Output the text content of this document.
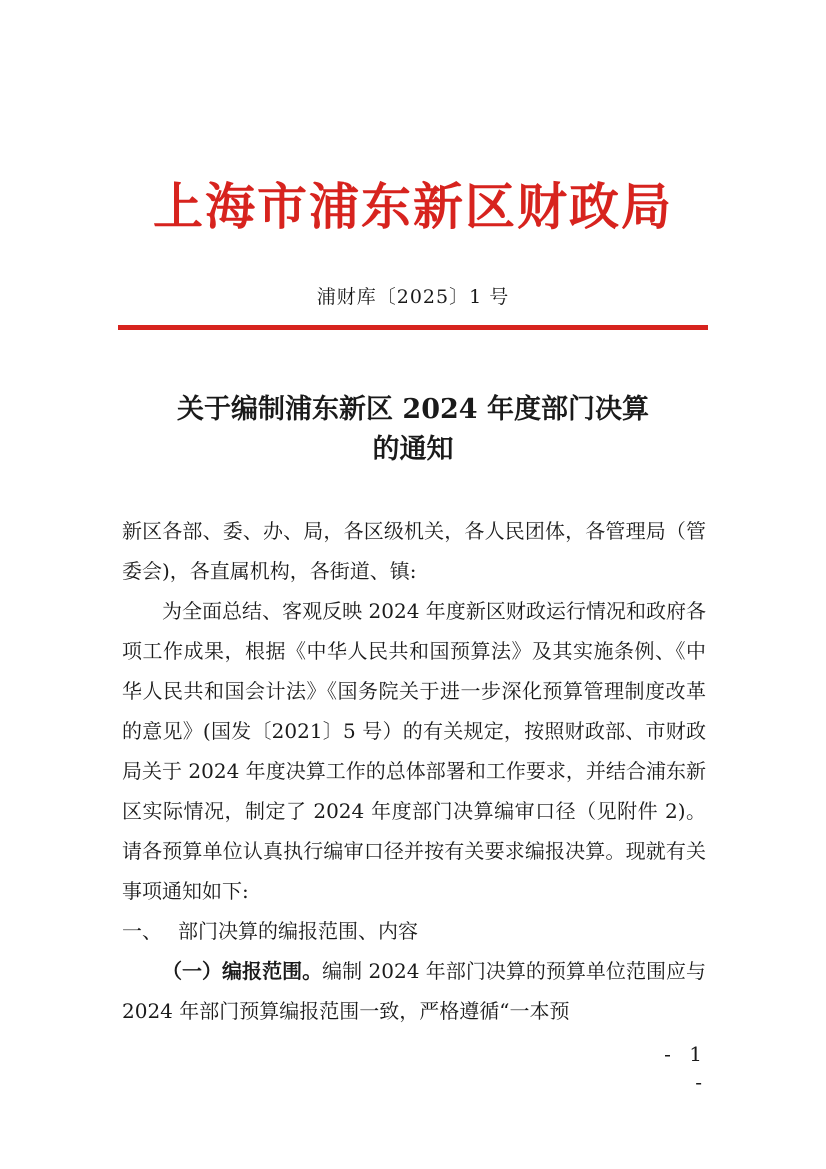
上海市浦东新区财政局
浦财库〔2025〕1 号
关于编制浦东新区 2024 年度部门决算
的通知

新区各部、委、办、局，各区级机关，各人民团体，各管理局（管委会)，各直属机构，各街道、镇:

为全面总结、客观反映 2024 年度新区财政运行情况和政府各项工作成果，根据《中华人民共和国预算法》及其实施条例、《中华人民共和国会计法》《国务院关于进一步深化预算管理制度改革的意见》(国发〔2021〕5 号）的有关规定，按照财政部、市财政局关于 2024 年度决算工作的总体部署和工作要求，并结合浦东新区实际情况，制定了 2024 年度部门决算编审口径（见附件 2)。请各预算单位认真执行编审口径并按有关要求编报决算。现就有关事项通知如下:

一、 部门决算的编报范围、内容

（一）编报范围。编制 2024 年部门决算的预算单位范围应与 2024 年部门预算编报范围一致，严格遵循“一本预

- 1 -
